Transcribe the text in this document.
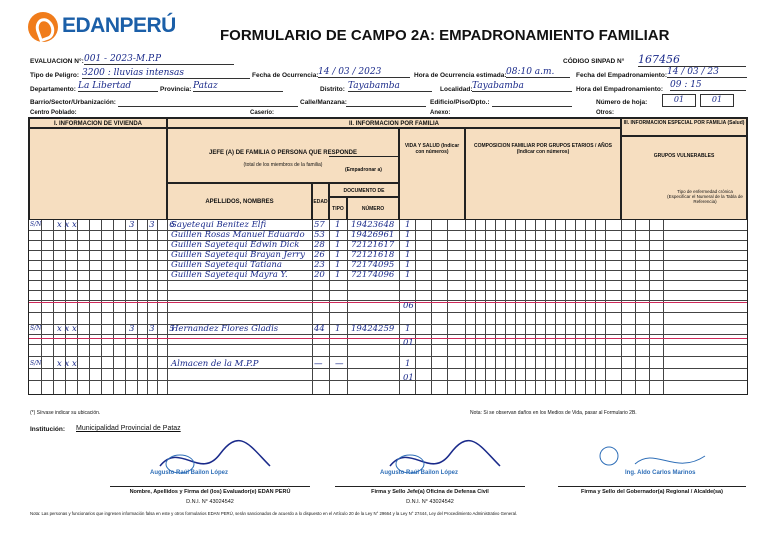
EDANPERÚ	FORMULARIO DE CAMPO 2A: EMPADRONAMIENTO FAMILIAR
EVALUACION N°: 001 - 2023-M.P.P	CÓDIGO SINPAD N° 167456
Tipo de Peligro: 3200 : lluvias intensas	Fecha de Ocurrencia: 14 / 03 / 2023	Hora de Ocurrencia estimada: 08:10 a.m.	Fecha del Empadronamiento: 14 / 03 / 23
Departamento: La Libertad	Provincia: Pataz	Distrito: Tayabamba	Localidad: Tayabamba	Hora del Empadronamiento: 09 : 15
Barrio/Sector/Urbanización:	Calle/Manzana:	Edificio/Piso/Dpto.:	Número de hoja:	01	01
Centro Poblado:	Caserío:	Anexo:	Otros:
I. INFORMACION DE VIVIENDA	II. INFORMACION POR FAMILIA	III. INFORMACION ESPECIAL POR FAMILIA (Salud)
JEFE (A) DE FAMILIA O PERSONA QUE RESPONDE
(total de los miembros de la familia)
(Empadronar a)
APELLIDOS, NOMBRES	EDAD
DOCUMENTO DE
TIPO	NÚMERO
VIDA Y SALUD (Indicar con números)
COMPOSICION FAMILIAR POR GRUPOS ETARIOS / AÑOS (Indicar con números)
GRUPOS VULNERABLES
Tipo de enfermedad crónica (Especificar el Numeral de la Tabla de Referencia)
S/N x x x	3 3 6
Sayetequi Benitez Elfi	57 1 19423648 1
Guillen Rosas Manuel Eduardo 53 1 19426961 1
Guillen Sayetequi Edwin Dick 28 1 72121617 1
Guillen Sayetequi Brayan Jerry 26 1 72121618 1
Guillen Sayetequi Tatiana	23 1 72174095 1
Guillen Sayetequi Mayra Y.	20 1 72174096 1
06
S/N x x x	3 3 5
Hernandez Flores Gladis	44 1 19424259 1
01
S/N x x x	Almacen de la M.P.P	— —	1
01
(*) Sírvase indicar su ubicación.	Nota: Si se observan daños en los Medios de Vida, pasar al Formulario 2B.
Institución: Municipalidad Provincial de Pataz
Augusto Raúl Bailon López	Augusto Raúl Bailon López	Ing. Aldo Carlos Marinos
Nombre, Apellidos y Firma del (los) Evaluador(e) EDAN PERÚ
D.N.I. N° 43024542
Firma y Sello Jefe(a) Oficina de Defensa Civil
D.N.I. N° 43024542
Firma y Sello del Gobernador(a) Regional / Alcalde(sa)
Nota: Las personas y funcionarios que ingresen información falsa en este y otros formularios EDAN PERÚ, serán sancionados de acuerdo a lo dispuesto en el Artículo 20 de la Ley N° 29664 y la Ley N° 27444, Ley del Procedimiento Administrativo General.
